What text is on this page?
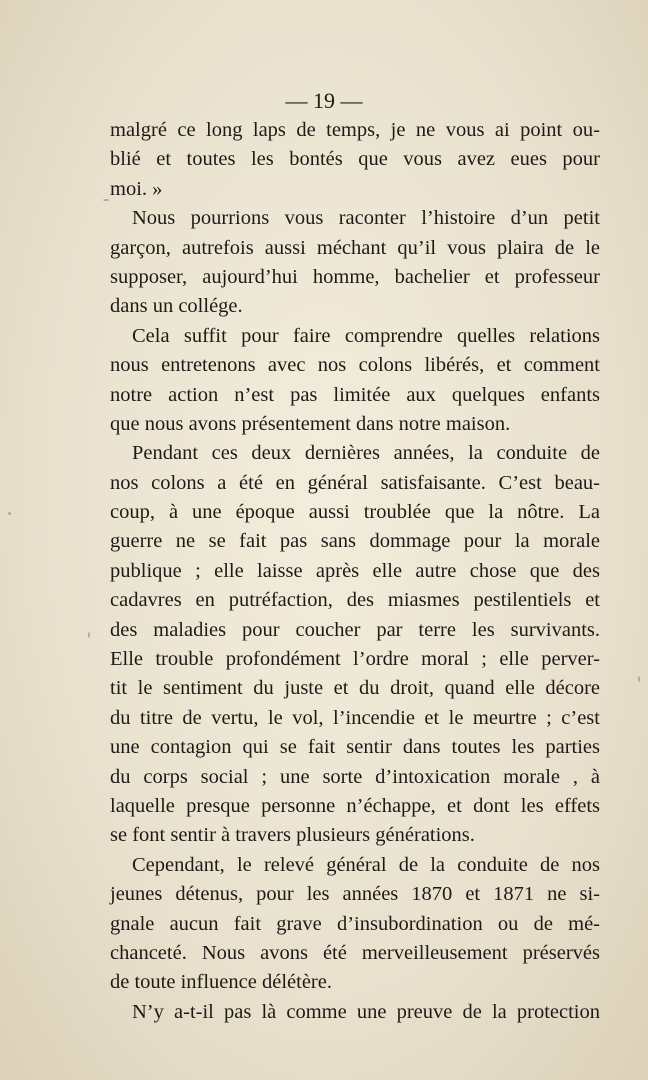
— 19 —
malgré ce long laps de temps, je ne vous ai point ou-
blié et toutes les bontés que vous avez eues pour
moi. »
Nous pourrions vous raconter l’histoire d’un petit
garçon, autrefois aussi méchant qu’il vous plaira de le
supposer, aujourd’hui homme, bachelier et professeur
dans un collége.
Cela suffit pour faire comprendre quelles relations
nous entretenons avec nos colons libérés, et comment
notre action n’est pas limitée aux quelques enfants
que nous avons présentement dans notre maison.
Pendant ces deux dernières années, la conduite de
nos colons a été en général satisfaisante. C’est beau-
coup, à une époque aussi troublée que la nôtre. La
guerre ne se fait pas sans dommage pour la morale
publique ; elle laisse après elle autre chose que des
cadavres en putréfaction, des miasmes pestilentiels et
des maladies pour coucher par terre les survivants.
Elle trouble profondément l’ordre moral ; elle perver-
tit le sentiment du juste et du droit, quand elle décore
du titre de vertu, le vol, l’incendie et le meurtre ; c’est
une contagion qui se fait sentir dans toutes les parties
du corps social ; une sorte d’intoxication morale , à
laquelle presque personne n’échappe, et dont les effets
se font sentir à travers plusieurs générations.
Cependant, le relevé général de la conduite de nos
jeunes détenus, pour les années 1870 et 1871 ne si-
gnale aucun fait grave d’insubordination ou de mé-
chanceté. Nous avons été merveilleusement préservés
de toute influence délétère.
N’y a-t-il pas là comme une preuve de la protection
